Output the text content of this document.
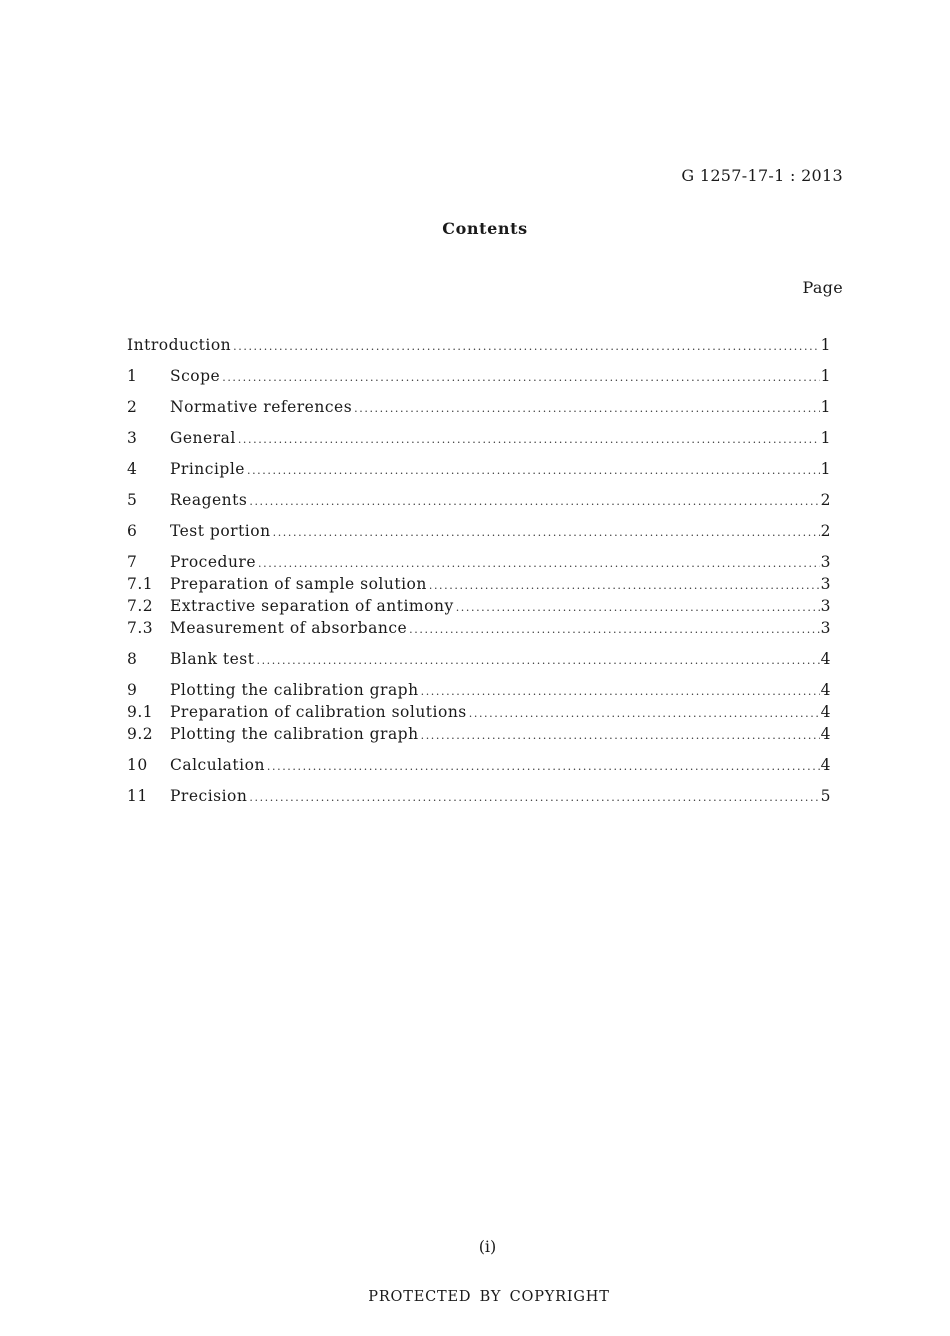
G 1257-17-1 : 2013
Contents
Page
Introduction .....	1
1	Scope .....	1
2	Normative references .....	1
3	General .....	1
4	Principle .....	1
5	Reagents .....	2
6	Test portion .....	2
7	Procedure .....	3
7.1	Preparation of sample solution .....	3
7.2	Extractive separation of antimony .....	3
7.3	Measurement of absorbance .....	3
8	Blank test .....	4
9	Plotting the calibration graph .....	4
9.1	Preparation of calibration solutions .....	4
9.2	Plotting the calibration graph .....	4
10	Calculation .....	4
11	Precision .....	5
(i)
PROTECTED BY COPYRIGHT
